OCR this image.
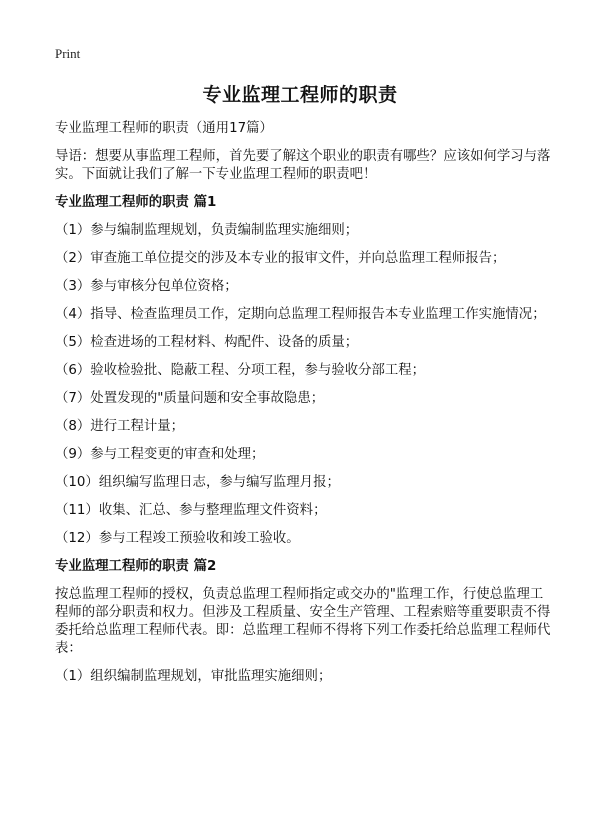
Print
专业监理工程师的职责
专业监理工程师的职责（通用17篇）
导语：想要从事监理工程师，首先要了解这个职业的职责有哪些？应该如何学习与落实。下面就让我们了解一下专业监理工程师的职责吧！
专业监理工程师的职责 篇1
（1）参与编制监理规划，负责编制监理实施细则；
（2）审查施工单位提交的涉及本专业的报审文件，并向总监理工程师报告；
（3）参与审核分包单位资格；
（4）指导、检查监理员工作，定期向总监理工程师报告本专业监理工作实施情况；
（5）检查进场的工程材料、构配件、设备的质量；
（6）验收检验批、隐蔽工程、分项工程，参与验收分部工程；
（7）处置发现的"质量问题和安全事故隐患；
（8）进行工程计量；
（9）参与工程变更的审查和处理；
（10）组织编写监理日志，参与编写监理月报；
（11）收集、汇总、参与整理监理文件资料；
（12）参与工程竣工预验收和竣工验收。
专业监理工程师的职责 篇2
按总监理工程师的授权，负责总监理工程师指定或交办的"监理工作，行使总监理工程师的部分职责和权力。但涉及工程质量、安全生产管理、工程索赔等重要职责不得委托给总监理工程师代表。即：总监理工程师不得将下列工作委托给总监理工程师代表：
（1）组织编制监理规划，审批监理实施细则；
